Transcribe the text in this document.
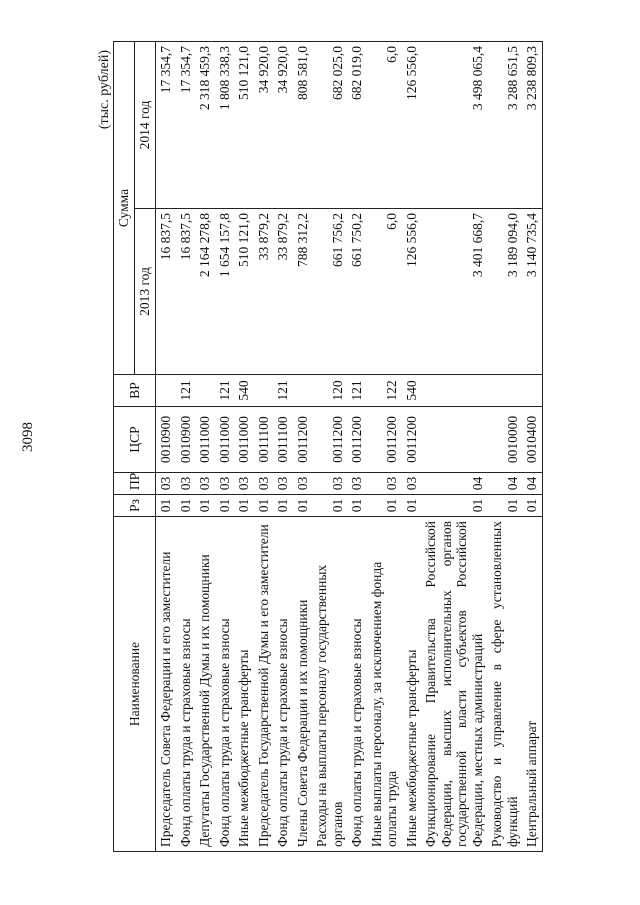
3098
(тыс. рублей)
Наименование	Рз	ПР	ЦСР	ВР	Сумма	
					2013 год	2014 год
Председатель Совета Федерации и его заместители	01	03	0010900		16 837,5	17 354,7
Фонд оплаты труда и страховые взносы	01	03	0010900	121	16 837,5	17 354,7
Депутаты Государственной Думы и их помощники	01	03	0011000		2 164 278,8	2 318 459,3
Фонд оплаты труда и страховые взносы	01	03	0011000	121	1 654 157,8	1 808 338,3
Иные межбюджетные трансферты	01	03	0011000	540	510 121,0	510 121,0
Председатель Государственной Думы и его заместители	01	03	0011100		33 879,2	34 920,0
Фонд оплаты труда и страховые взносы	01	03	0011100	121	33 879,2	34 920,0
Члены Совета Федерации и их помощники	01	03	0011200		788 312,2	808 581,0
Расходы на выплаты персоналу государственных органов	01	03	0011200	120	661 756,2	682 025,0
Фонд оплаты труда и страховые взносы	01	03	0011200	121	661 750,2	682 019,0
Иные выплаты персоналу, за исключением фонда оплаты труда	01	03	0011200	122	6,0	6,0
Иные межбюджетные трансферты	01	03	0011200	540	126 556,0	126 556,0
Функционирование Правительства Российской Федерации, высших исполнительных органов государственной власти субъектов Российской Федерации, местных администраций	01	04			3 401 668,7	3 498 065,4
Руководство и управление в сфере установленных функций	01	04	0010000		3 189 094,0	3 288 651,5
Центральный аппарат	01	04	0010400		3 140 735,4	3 238 809,3
